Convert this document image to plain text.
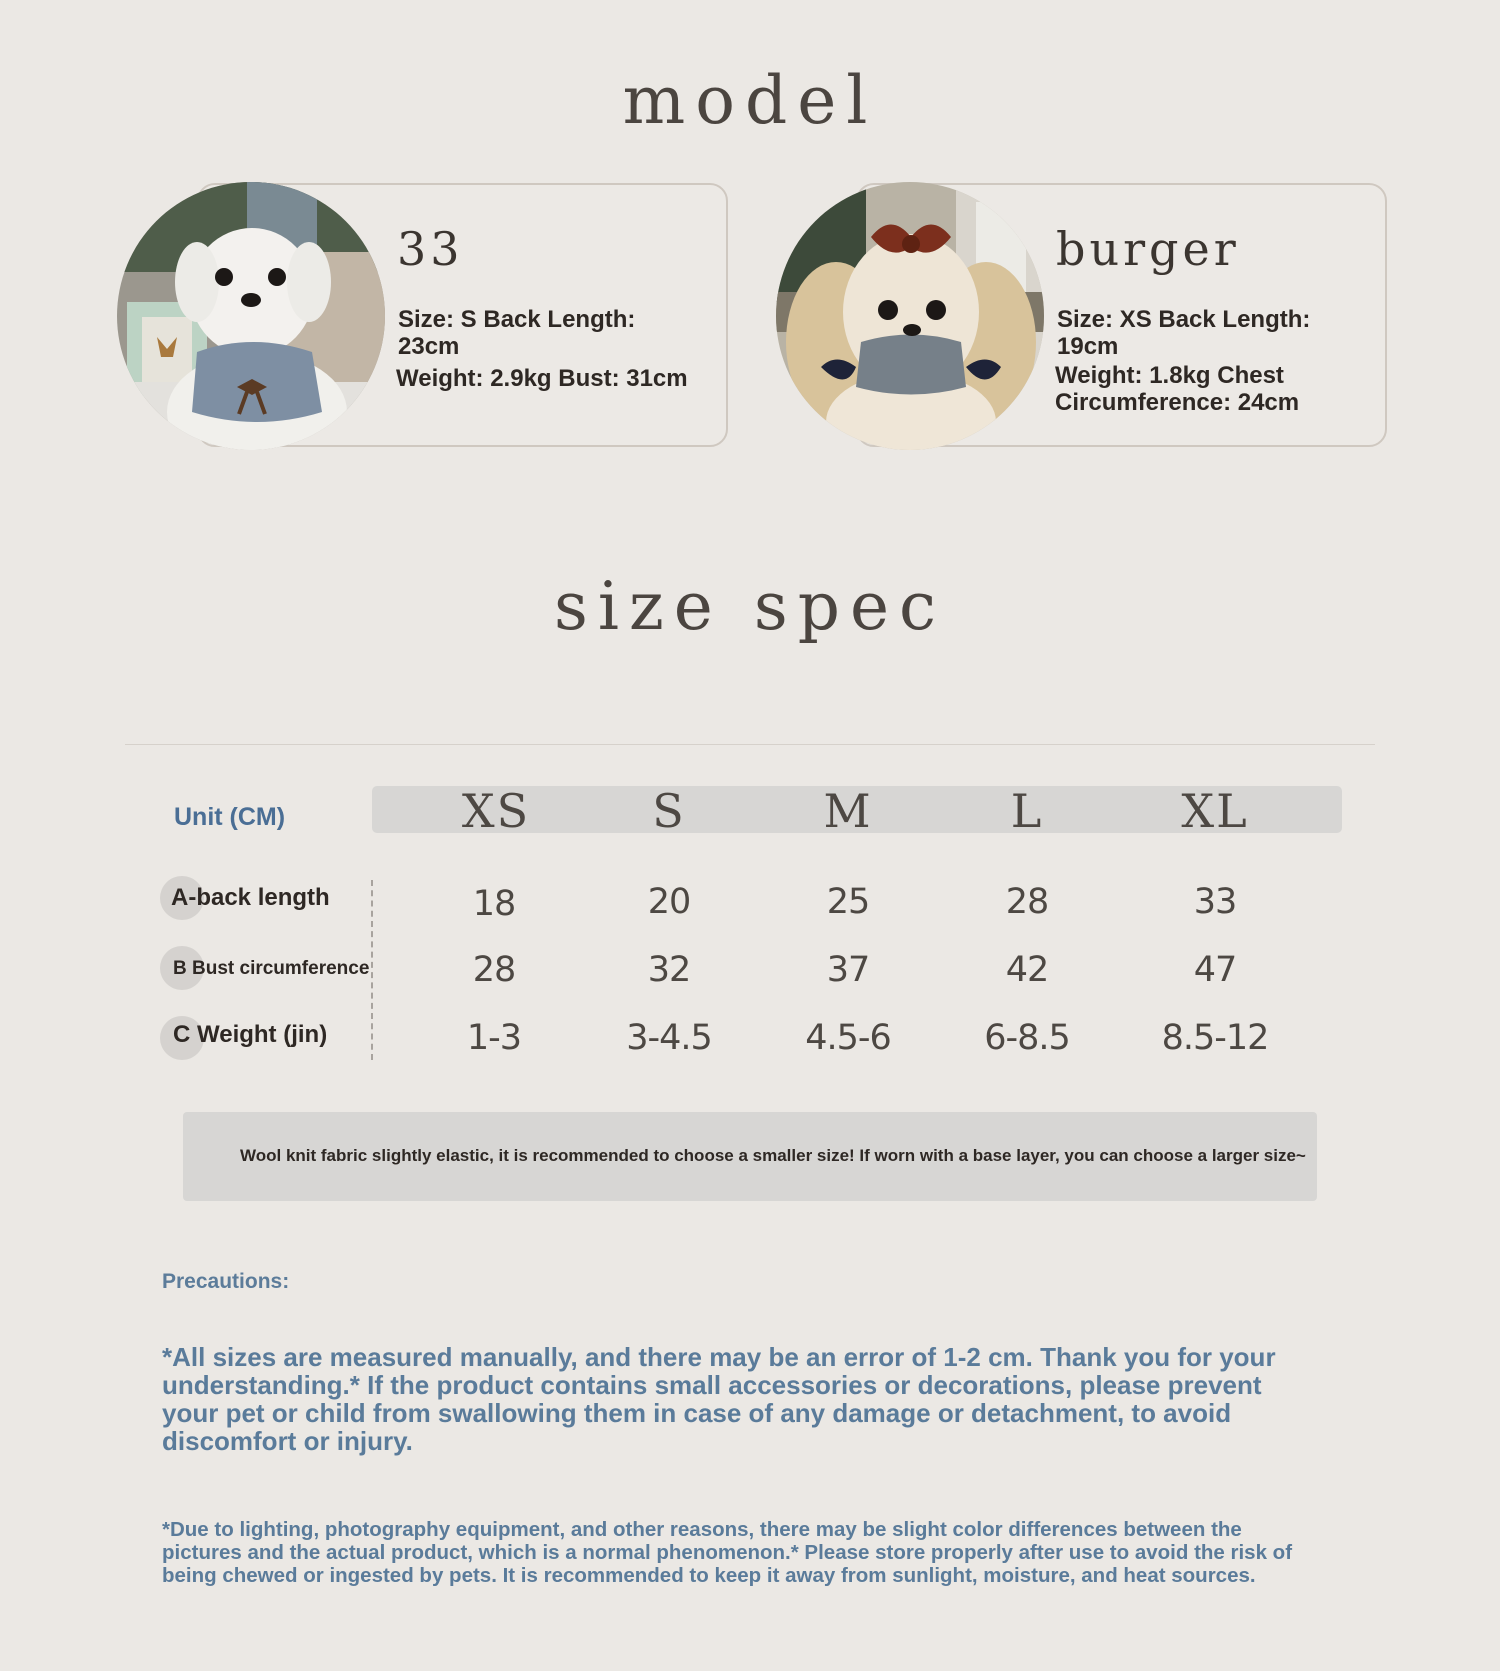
model
33
Size: S Back Length: 23cm
Weight: 2.9kg Bust: 31cm
burger
Size: XS Back Length: 19cm
Weight: 1.8kg Chest Circumference: 24cm
size spec
Unit (CM)	XS	S	M	L	XL
A-back length	18	20	25	28	33
B Bust circumference	28	32	37	42	47
C Weight (jin)	1-3	3-4.5	4.5-6	6-8.5	8.5-12
Wool knit fabric slightly elastic, it is recommended to choose a smaller size! If worn with a base layer, you can choose a larger size~
Precautions:
*All sizes are measured manually, and there may be an error of 1-2 cm. Thank you for your understanding.* If the product contains small accessories or decorations, please prevent your pet or child from swallowing them in case of any damage or detachment, to avoid discomfort or injury.
*Due to lighting, photography equipment, and other reasons, there may be slight color differences between the pictures and the actual product, which is a normal phenomenon.* Please store properly after use to avoid the risk of being chewed or ingested by pets. It is recommended to keep it away from sunlight, moisture, and heat sources.
